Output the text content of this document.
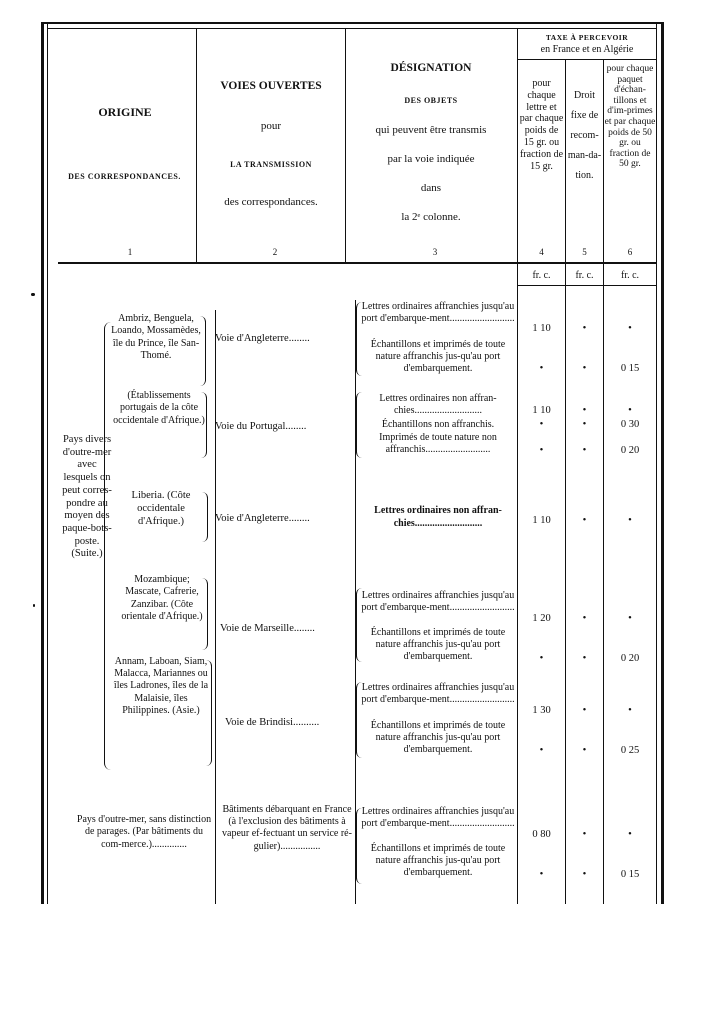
ORIGINE
DES CORRESPONDANCES.
1
VOIES OUVERTES
pour
LA TRANSMISSION
des correspondances.
2
DÉSIGNATION
DES OBJETS
qui peuvent être transmis
par la voie indiquée
dans
la 2ᵉ colonne.
3
TAXE À PERCEVOIR
en France et en Algérie
pour chaque lettre et par chaque poids de 15 gr. ou fraction de 15 gr.
4
Droit fixe de recom-man-da-tion.
5
pour chaque paquet d'échan-tillons et d'im-primes et par chaque poids de 50 gr. ou fraction de 50 gr.
6
fr. c.	fr. c.	fr. c.
Pays divers d'outre-mer avec lesquels on peut corres-pondre au moyen des paque-bots-poste. (Suite.)
Ambriz, Benguela, Loando, Mossamèdes, île du Prince, île San-Thomé.
Voie d'Angleterre........
Lettres ordinaires affranchies jusqu'au port d'embarque-ment..........................
1 10	•	•
Échantillons et imprimés de toute nature affranchis jus-qu'au port d'embarquement.	•	•	0 15
(Établissements portugais de la côte occidentale d'Afrique.)
Voie du Portugal........
Lettres ordinaires non affran-chies...........................	1 10	•	•
Échantillons non affranchis.	•	•	0 30
Imprimés de toute nature non affranchis..........................	•	•	0 20
Liberia. (Côte occidentale d'Afrique.)	Voie d'Angleterre........
Lettres ordinaires non affran-chies...........................	1 10	•	•
Mozambique; Mascate, Cafrerie, Zanzibar. (Côte orientale d'Afrique.)
Voie de Marseille........
Lettres ordinaires affranchies jusqu'au port d'embarque-ment..........................
1 20	•	•
Échantillons et imprimés de toute nature affranchis jus-qu'au port d'embarquement.	•	•	0 20
Annam, Laboan, Siam, Malacca, Mariannes ou îles Ladrones, îles de la Malaisie, îles Philippines. (Asie.)
Voie de Brindisi..........
Lettres ordinaires affranchies jusqu'au port d'embarque-ment..........................
1 30	•	•
Échantillons et imprimés de toute nature affranchis jus-qu'au port d'embarquement.	•	•	0 25
Pays d'outre-mer, sans distinction de parages. (Par bâtiments du com-merce.)..............
Bâtiments débarquant en France (à l'exclusion des bâtiments à vapeur ef-fectuant un service ré-gulier)................
Lettres ordinaires affranchies jusqu'au port d'embarque-ment..........................
0 80	•	•
Échantillons et imprimés de toute nature affranchis jus-qu'au port d'embarquement.	•	•	0 15
